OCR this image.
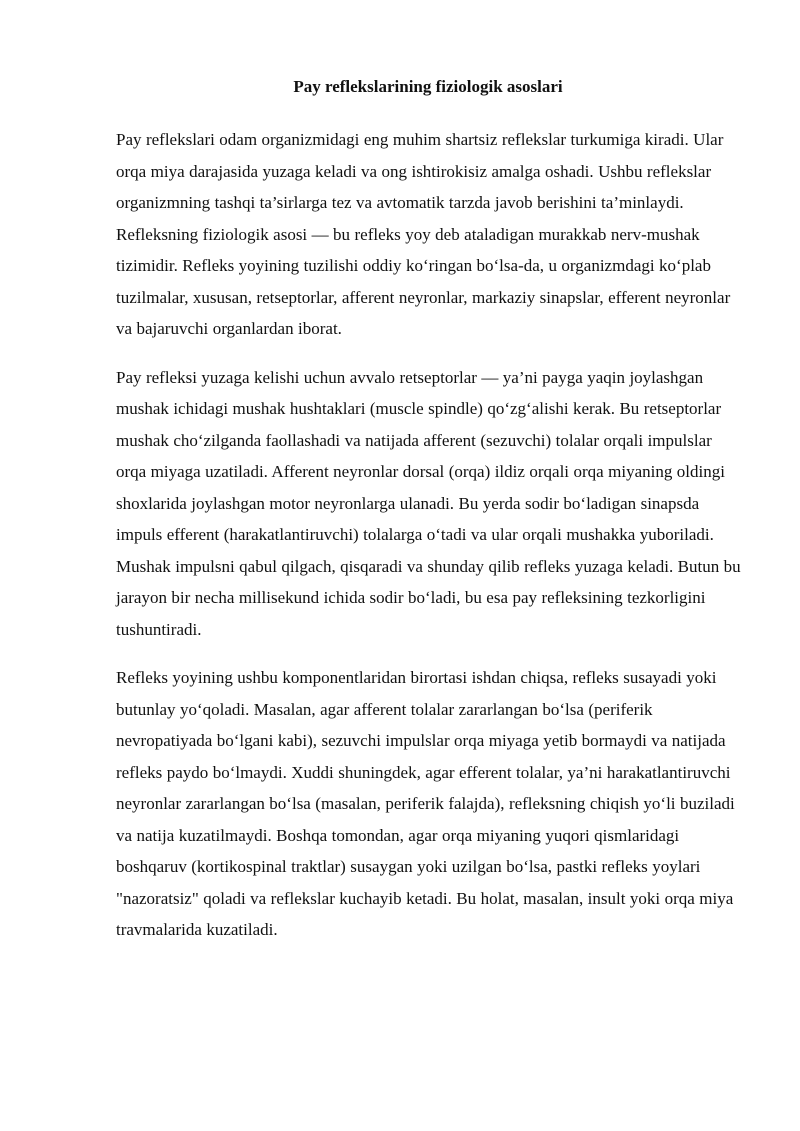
Pay reflekslarining fiziologik asoslari

Pay reflekslari odam organizmidagi eng muhim shartsiz reflekslar turkumiga kiradi. Ular orqa miya darajasida yuzaga keladi va ong ishtirokisiz amalga oshadi. Ushbu reflekslar organizmning tashqi ta’sirlarga tez va avtomatik tarzda javob berishini ta’minlaydi. Refleksning fiziologik asosi — bu refleks yoy deb ataladigan murakkab nerv-mushak tizimidir. Refleks yoyining tuzilishi oddiy ko‘ringan bo‘lsa-da, u organizmdagi ko‘plab tuzilmalar, xususan, retseptorlar, afferent neyronlar, markaziy sinapslar, efferent neyronlar va bajaruvchi organlardan iborat.

Pay refleksi yuzaga kelishi uchun avvalo retseptorlar — ya’ni payga yaqin joylashgan mushak ichidagi mushak hushtaklari (muscle spindle) qo‘zg‘alishi kerak. Bu retseptorlar mushak cho‘zilganda faollashadi va natijada afferent (sezuvchi) tolalar orqali impulslar orqa miyaga uzatiladi. Afferent neyronlar dorsal (orqa) ildiz orqali orqa miyaning oldingi shoxlarida joylashgan motor neyronlarga ulanadi. Bu yerda sodir bo‘ladigan sinapsda impuls efferent (harakatlantiruvchi) tolalarga o‘tadi va ular orqali mushakka yuboriladi. Mushak impulsni qabul qilgach, qisqaradi va shunday qilib refleks yuzaga keladi. Butun bu jarayon bir necha millisekund ichida sodir bo‘ladi, bu esa pay refleksining tezkorligini tushuntiradi.

Refleks yoyining ushbu komponentlaridan birortasi ishdan chiqsa, refleks susayadi yoki butunlay yo‘qoladi. Masalan, agar afferent tolalar zararlangan bo‘lsa (periferik nevropatiyada bo‘lgani kabi), sezuvchi impulslar orqa miyaga yetib bormaydi va natijada refleks paydo bo‘lmaydi. Xuddi shuningdek, agar efferent tolalar, ya’ni harakatlantiruvchi neyronlar zararlangan bo‘lsa (masalan, periferik falajda), refleksning chiqish yo‘li buziladi va natija kuzatilmaydi. Boshqa tomondan, agar orqa miyaning yuqori qismlaridagi boshqaruv (kortikospinal traktlar) susaygan yoki uzilgan bo‘lsa, pastki refleks yoylari "nazoratsiz" qoladi va reflekslar kuchayib ketadi. Bu holat, masalan, insult yoki orqa miya travmalarida kuzatiladi.
